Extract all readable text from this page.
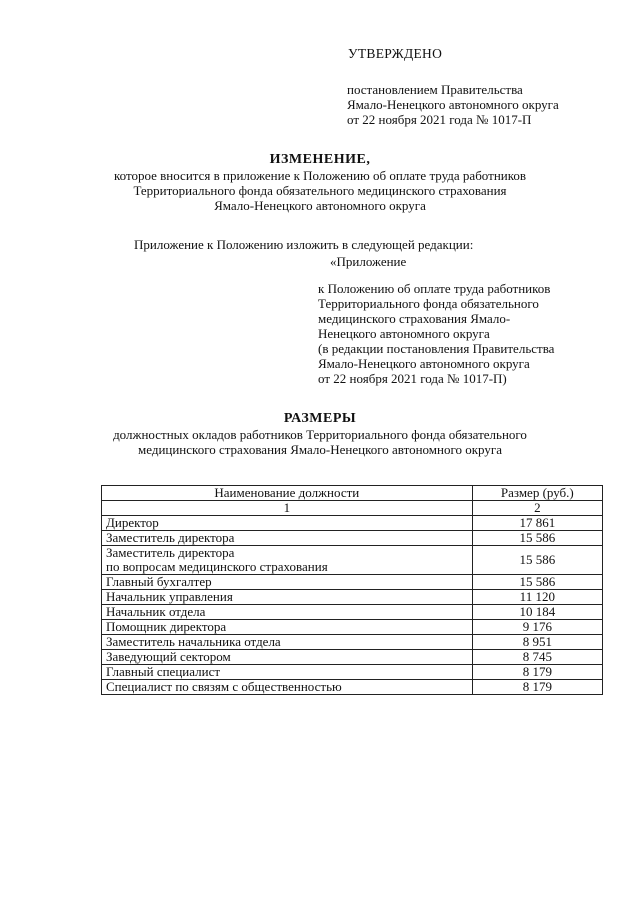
УТВЕРЖДЕНО
постановлением Правительства
Ямало-Ненецкого автономного округа
от 22 ноября 2021 года № 1017-П
ИЗМЕНЕНИЕ,
которое вносится в приложение к Положению об оплате труда работников
Территориального фонда обязательного медицинского страхования
Ямало-Ненецкого автономного округа
Приложение к Положению изложить в следующей редакции:
«Приложение
к Положению об оплате труда работников
Территориального фонда обязательного
медицинского страхования Ямало-
Ненецкого автономного округа
(в редакции постановления Правительства
Ямало-Ненецкого автономного округа
от 22 ноября 2021 года № 1017-П)
РАЗМЕРЫ
должностных окладов работников Территориального фонда обязательного
медицинского страхования Ямало-Ненецкого автономного округа
Наименование должности	Размер (руб.)
1	2
Директор	17 861
Заместитель директора	15 586

Заместитель директора
по вопросам медицинского страхования	15 586
Главный бухгалтер	15 586
Начальник управления	11 120
Начальник отдела	10 184
Помощник директора	9 176
Заместитель начальника отдела	8 951
Заведующий сектором	8 745
Главный специалист	8 179
Специалист по связям с общественностью	8 179
